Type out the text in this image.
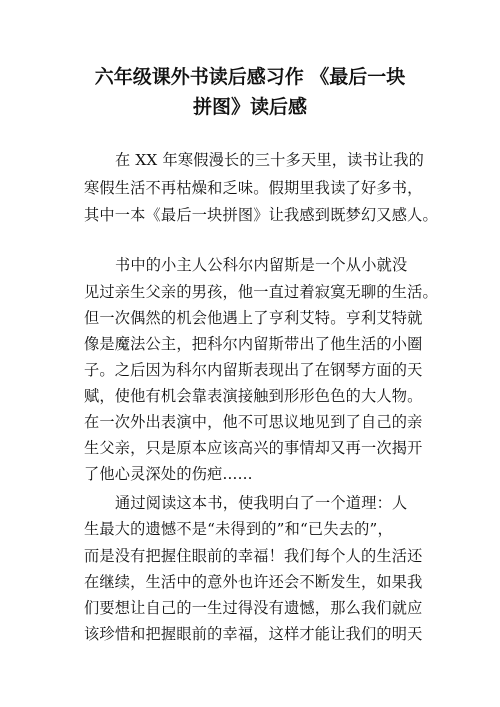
六年级课外书读后感习作 《最后一块
拼图》读后感
在 XX 年寒假漫长的三十多天里，读书让我的
寒假生活不再枯燥和乏味。假期里我读了好多书，
其中一本《最后一块拼图》让我感到既梦幻又感人。
书中的小主人公科尔内留斯是一个从小就没
见过亲生父亲的男孩，他一直过着寂寞无聊的生活。
但一次偶然的机会他遇上了亨利艾特。亨利艾特就
像是魔法公主，把科尔内留斯带出了他生活的小圈
子。之后因为科尔内留斯表现出了在钢琴方面的天
赋，使他有机会靠表演接触到形形色色的大人物。
在一次外出表演中，他不可思议地见到了自己的亲
生父亲，只是原本应该高兴的事情却又再一次揭开
了他心灵深处的伤疤......
通过阅读这本书，使我明白了一个道理：人
生最大的遗憾不是“未得到的”和“已失去的”，
而是没有把握住眼前的幸福！我们每个人的生活还
在继续，生活中的意外也许还会不断发生，如果我
们要想让自己的一生过得没有遗憾，那么我们就应
该珍惜和把握眼前的幸福，这样才能让我们的明天
